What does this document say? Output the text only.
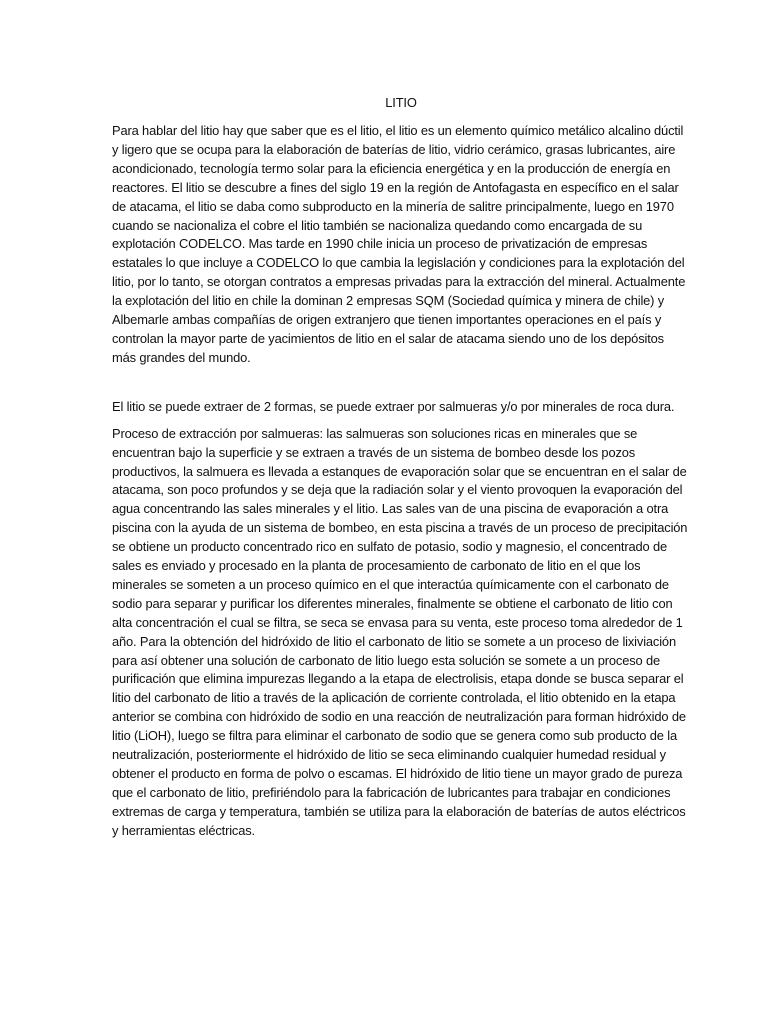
LITIO

Para hablar del litio hay que saber que es el litio, el litio es un elemento químico metálico alcalino dúctil y ligero que se ocupa para la elaboración de baterías de litio, vidrio cerámico, grasas lubricantes, aire acondicionado, tecnología termo solar para la eficiencia energética y en la producción de energía en reactores. El litio se descubre a fines del siglo 19 en la región de Antofagasta en específico en el salar de atacama, el litio se daba como subproducto en la minería de salitre principalmente, luego en 1970 cuando se nacionaliza el cobre el litio también se nacionaliza quedando como encargada de su explotación CODELCO. Mas tarde en 1990 chile inicia un proceso de privatización de empresas estatales lo que incluye a CODELCO lo que cambia la legislación y condiciones para la explotación del litio, por lo tanto, se otorgan contratos a empresas privadas para la extracción del mineral. Actualmente la explotación del litio en chile la dominan 2 empresas SQM (Sociedad química y minera de chile) y Albemarle ambas compañías de origen extranjero que tienen importantes operaciones en el país y controlan la mayor parte de yacimientos de litio en el salar de atacama siendo uno de los depósitos más grandes del mundo.

El litio se puede extraer de 2 formas, se puede extraer por salmueras y/o por minerales de roca dura.

Proceso de extracción por salmueras: las salmueras son soluciones ricas en minerales que se encuentran bajo la superficie y se extraen a través de un sistema de bombeo desde los pozos productivos, la salmuera es llevada a estanques de evaporación solar que se encuentran en el salar de atacama, son poco profundos y se deja que la radiación solar y el viento provoquen la evaporación del agua concentrando las sales minerales y el litio. Las sales van de una piscina de evaporación a otra piscina con la ayuda de un sistema de bombeo, en esta piscina a través de un proceso de precipitación se obtiene un producto concentrado rico en sulfato de potasio, sodio y magnesio, el concentrado de sales es enviado y procesado en la planta de procesamiento de carbonato de litio en el que los minerales se someten a un proceso químico en el que interactúa químicamente con el carbonato de sodio para separar y purificar los diferentes minerales, finalmente se obtiene el carbonato de litio con alta concentración el cual se filtra, se seca se envasa para su venta, este proceso toma alrededor de 1 año. Para la obtención del hidróxido de litio el carbonato de litio se somete a un proceso de lixiviación para así obtener una solución de carbonato de litio luego esta solución se somete a un proceso de purificación que elimina impurezas llegando a la etapa de electrolisis, etapa donde se busca separar el litio del carbonato de litio a través de la aplicación de corriente controlada, el litio obtenido en la etapa anterior se combina con hidróxido de sodio en una reacción de neutralización para forman hidróxido de litio (LiOH), luego se filtra para eliminar el carbonato de sodio que se genera como sub producto de la neutralización, posteriormente el hidróxido de litio se seca eliminando cualquier humedad residual y obtener el producto en forma de polvo o escamas. El hidróxido de litio tiene un mayor grado de pureza que el carbonato de litio, prefiriéndolo para la fabricación de lubricantes para trabajar en condiciones extremas de carga y temperatura, también se utiliza para la elaboración de baterías de autos eléctricos y herramientas eléctricas.
